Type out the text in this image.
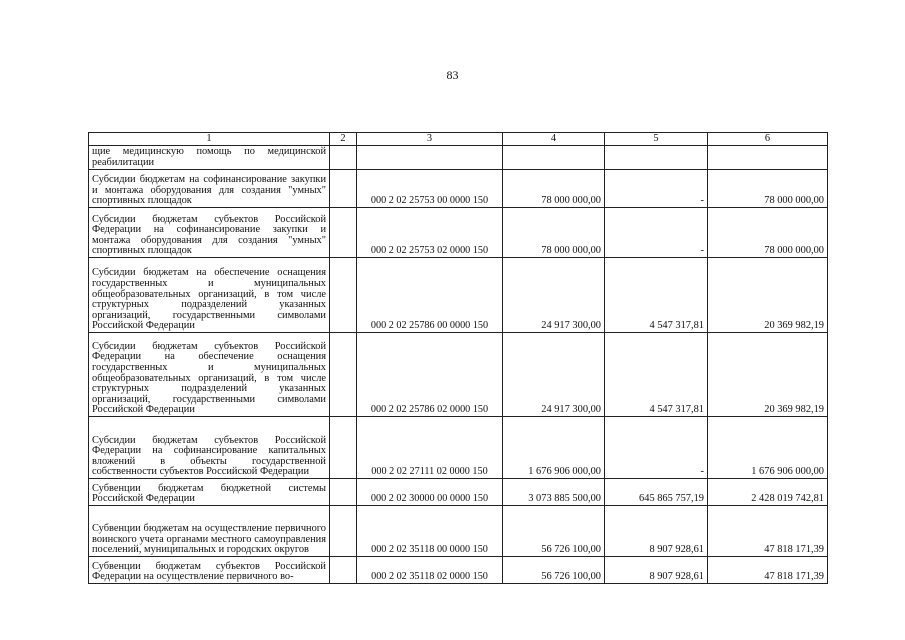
83
1	2	3	4	5	6
щие медицинскую помощь по медицинской реабилитации					
Субсидии бюджетам на софинансирование закупки и монтажа оборудования для создания "умных" спортивных площадок		000 2 02 25753 00 0000 150	78 000 000,00	-	78 000 000,00
Субсидии бюджетам субъектов Российской Федерации на софинансирование закупки и монтажа оборудования для создания "умных" спортивных площадок		000 2 02 25753 02 0000 150	78 000 000,00	-	78 000 000,00
Субсидии бюджетам на обеспечение оснащения государственных и муниципальных общеобразовательных организаций, в том числе структурных подразделений указанных организаций, государственными символами Российской Федерации		000 2 02 25786 00 0000 150	24 917 300,00	4 547 317,81	20 369 982,19
Субсидии бюджетам субъектов Российской Федерации на обеспечение оснащения государственных и муниципальных общеобразовательных организаций, в том числе структурных подразделений указанных организаций, государственными символами Российской Федерации		000 2 02 25786 02 0000 150	24 917 300,00	4 547 317,81	20 369 982,19
Субсидии бюджетам субъектов Российской Федерации на софинансирование капитальных вложений в объекты государственной собственности субъектов Российской Федерации		000 2 02 27111 02 0000 150	1 676 906 000,00	-	1 676 906 000,00
Субвенции бюджетам бюджетной системы Российской Федерации		000 2 02 30000 00 0000 150	3 073 885 500,00	645 865 757,19	2 428 019 742,81
Субвенции бюджетам на осуществление первичного воинского учета органами местного самоуправления поселений, муниципальных и городских округов		000 2 02 35118 00 0000 150	56 726 100,00	8 907 928,61	47 818 171,39
Субвенции бюджетам субъектов Российской Федерации на осуществление первичного во-		000 2 02 35118 02 0000 150	56 726 100,00	8 907 928,61	47 818 171,39
